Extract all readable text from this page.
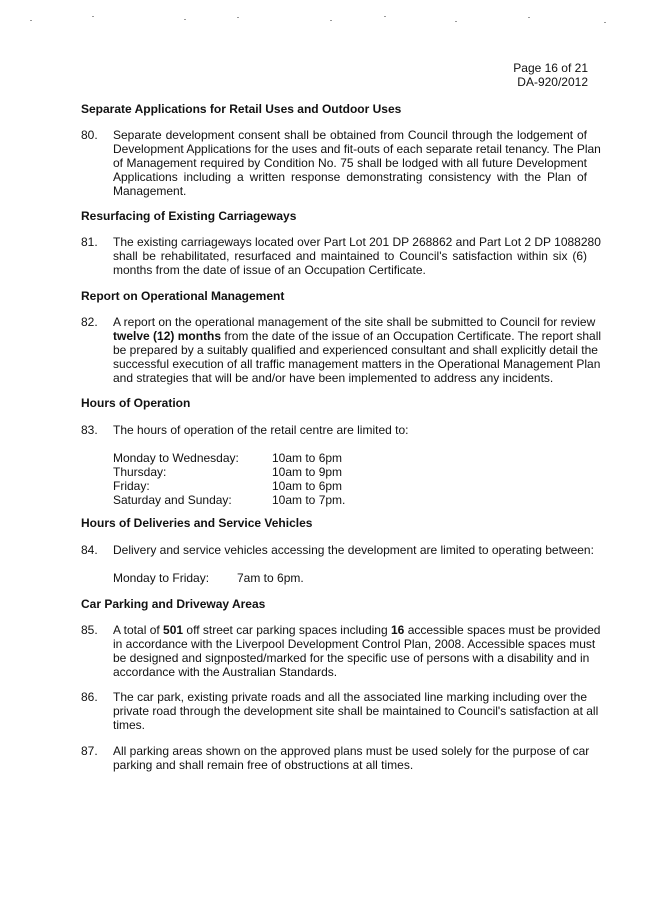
Page 16 of 21
DA-920/2012
Separate Applications for Retail Uses and Outdoor Uses
80. Separate development consent shall be obtained from Council through the lodgement of
Development Applications for the uses and fit-outs of each separate retail tenancy. The Plan
of Management required by Condition No. 75 shall be lodged with all future Development
Applications including a written response demonstrating consistency with the Plan of
Management.
Resurfacing of Existing Carriageways
81. The existing carriageways located over Part Lot 201 DP 268862 and Part Lot 2 DP 1088280
shall be rehabilitated, resurfaced and maintained to Council's satisfaction within six (6)
months from the date of issue of an Occupation Certificate.
Report on Operational Management
82. A report on the operational management of the site shall be submitted to Council for review
twelve (12) months from the date of the issue of an Occupation Certificate. The report shall
be prepared by a suitably qualified and experienced consultant and shall explicitly detail the
successful execution of all traffic management matters in the Operational Management Plan
and strategies that will be and/or have been implemented to address any incidents.
Hours of Operation
83. The hours of operation of the retail centre are limited to:
Monday to Wednesday:	10am to 6pm
Thursday:	10am to 9pm
Friday:	10am to 6pm
Saturday and Sunday:	10am to 7pm.
Hours of Deliveries and Service Vehicles
84. Delivery and service vehicles accessing the development are limited to operating between:
Monday to Friday: 7am to 6pm.
Car Parking and Driveway Areas
85. A total of 501 off street car parking spaces including 16 accessible spaces must be provided
in accordance with the Liverpool Development Control Plan, 2008. Accessible spaces must
be designed and signposted/marked for the specific use of persons with a disability and in
accordance with the Australian Standards.
86. The car park, existing private roads and all the associated line marking including over the
private road through the development site shall be maintained to Council's satisfaction at all
times.
87. All parking areas shown on the approved plans must be used solely for the purpose of car
parking and shall remain free of obstructions at all times.
